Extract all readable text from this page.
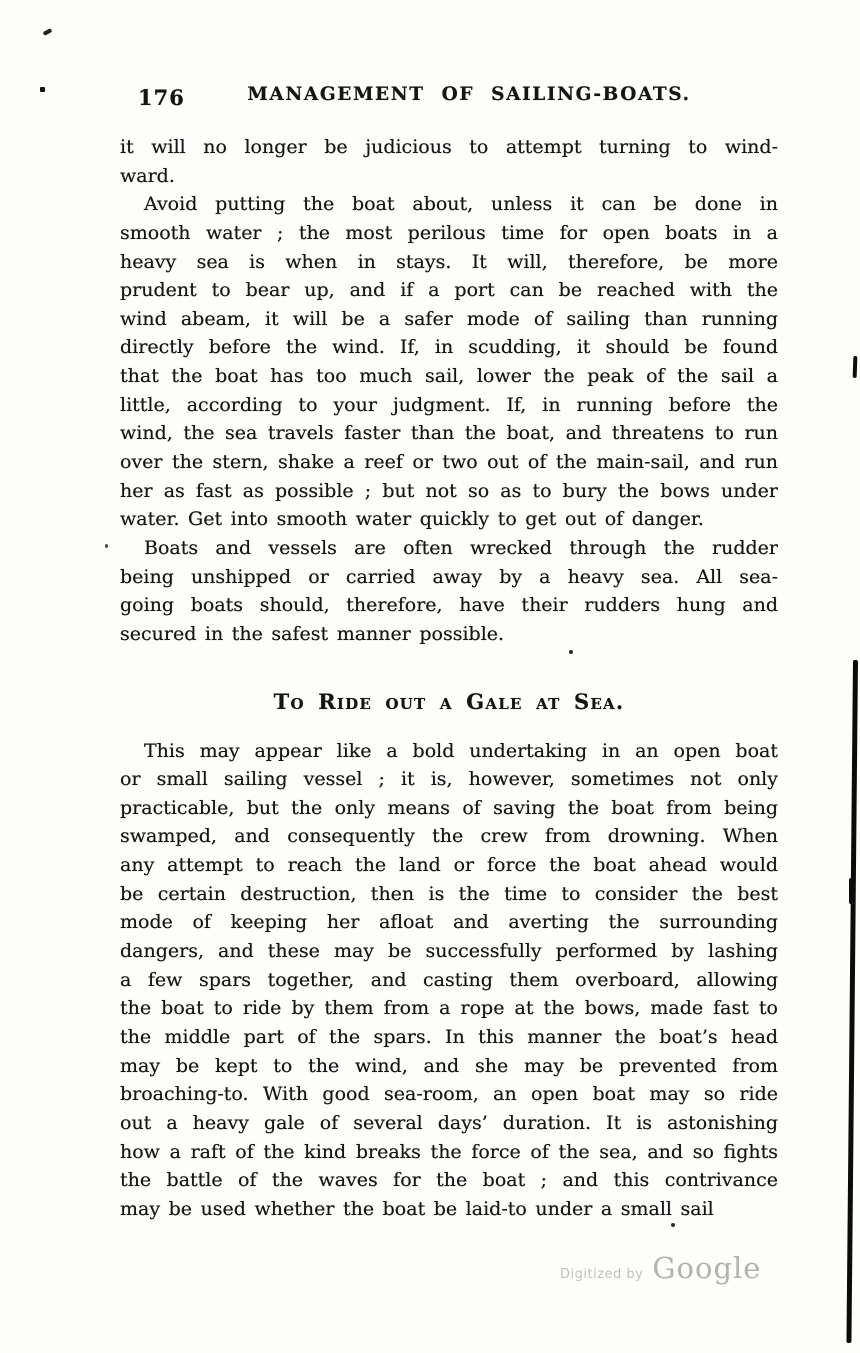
176	MANAGEMENT OF SAILING-BOATS.
it will no longer be judicious to attempt turning to wind-
ward.
Avoid putting the boat about, unless it can be done in
smooth water ; the most perilous time for open boats in a
heavy sea is when in stays. It will, therefore, be more
prudent to bear up, and if a port can be reached with the
wind abeam, it will be a safer mode of sailing than running
directly before the wind. If, in scudding, it should be found
that the boat has too much sail, lower the peak of the sail a
little, according to your judgment. If, in running before the
wind, the sea travels faster than the boat, and threatens to run
over the stern, shake a reef or two out of the main-sail, and run
her as fast as possible ; but not so as to bury the bows under
water. Get into smooth water quickly to get out of danger.
Boats and vessels are often wrecked through the rudder
being unshipped or carried away by a heavy sea. All sea-
going boats should, therefore, have their rudders hung and
secured in the safest manner possible.
To Ride out a Gale at Sea.
This may appear like a bold undertaking in an open boat
or small sailing vessel ; it is, however, sometimes not only
practicable, but the only means of saving the boat from being
swamped, and consequently the crew from drowning. When
any attempt to reach the land or force the boat ahead would
be certain destruction, then is the time to consider the best
mode of keeping her afloat and averting the surrounding
dangers, and these may be successfully performed by lashing
a few spars together, and casting them overboard, allowing
the boat to ride by them from a rope at the bows, made fast to
the middle part of the spars. In this manner the boat’s head
may be kept to the wind, and she may be prevented from
broaching-to. With good sea-room, an open boat may so ride
out a heavy gale of several days’ duration. It is astonishing
how a raft of the kind breaks the force of the sea, and so fights
the battle of the waves for the boat ; and this contrivance
may be used whether the boat be laid-to under a small sail
Digitized by Google
